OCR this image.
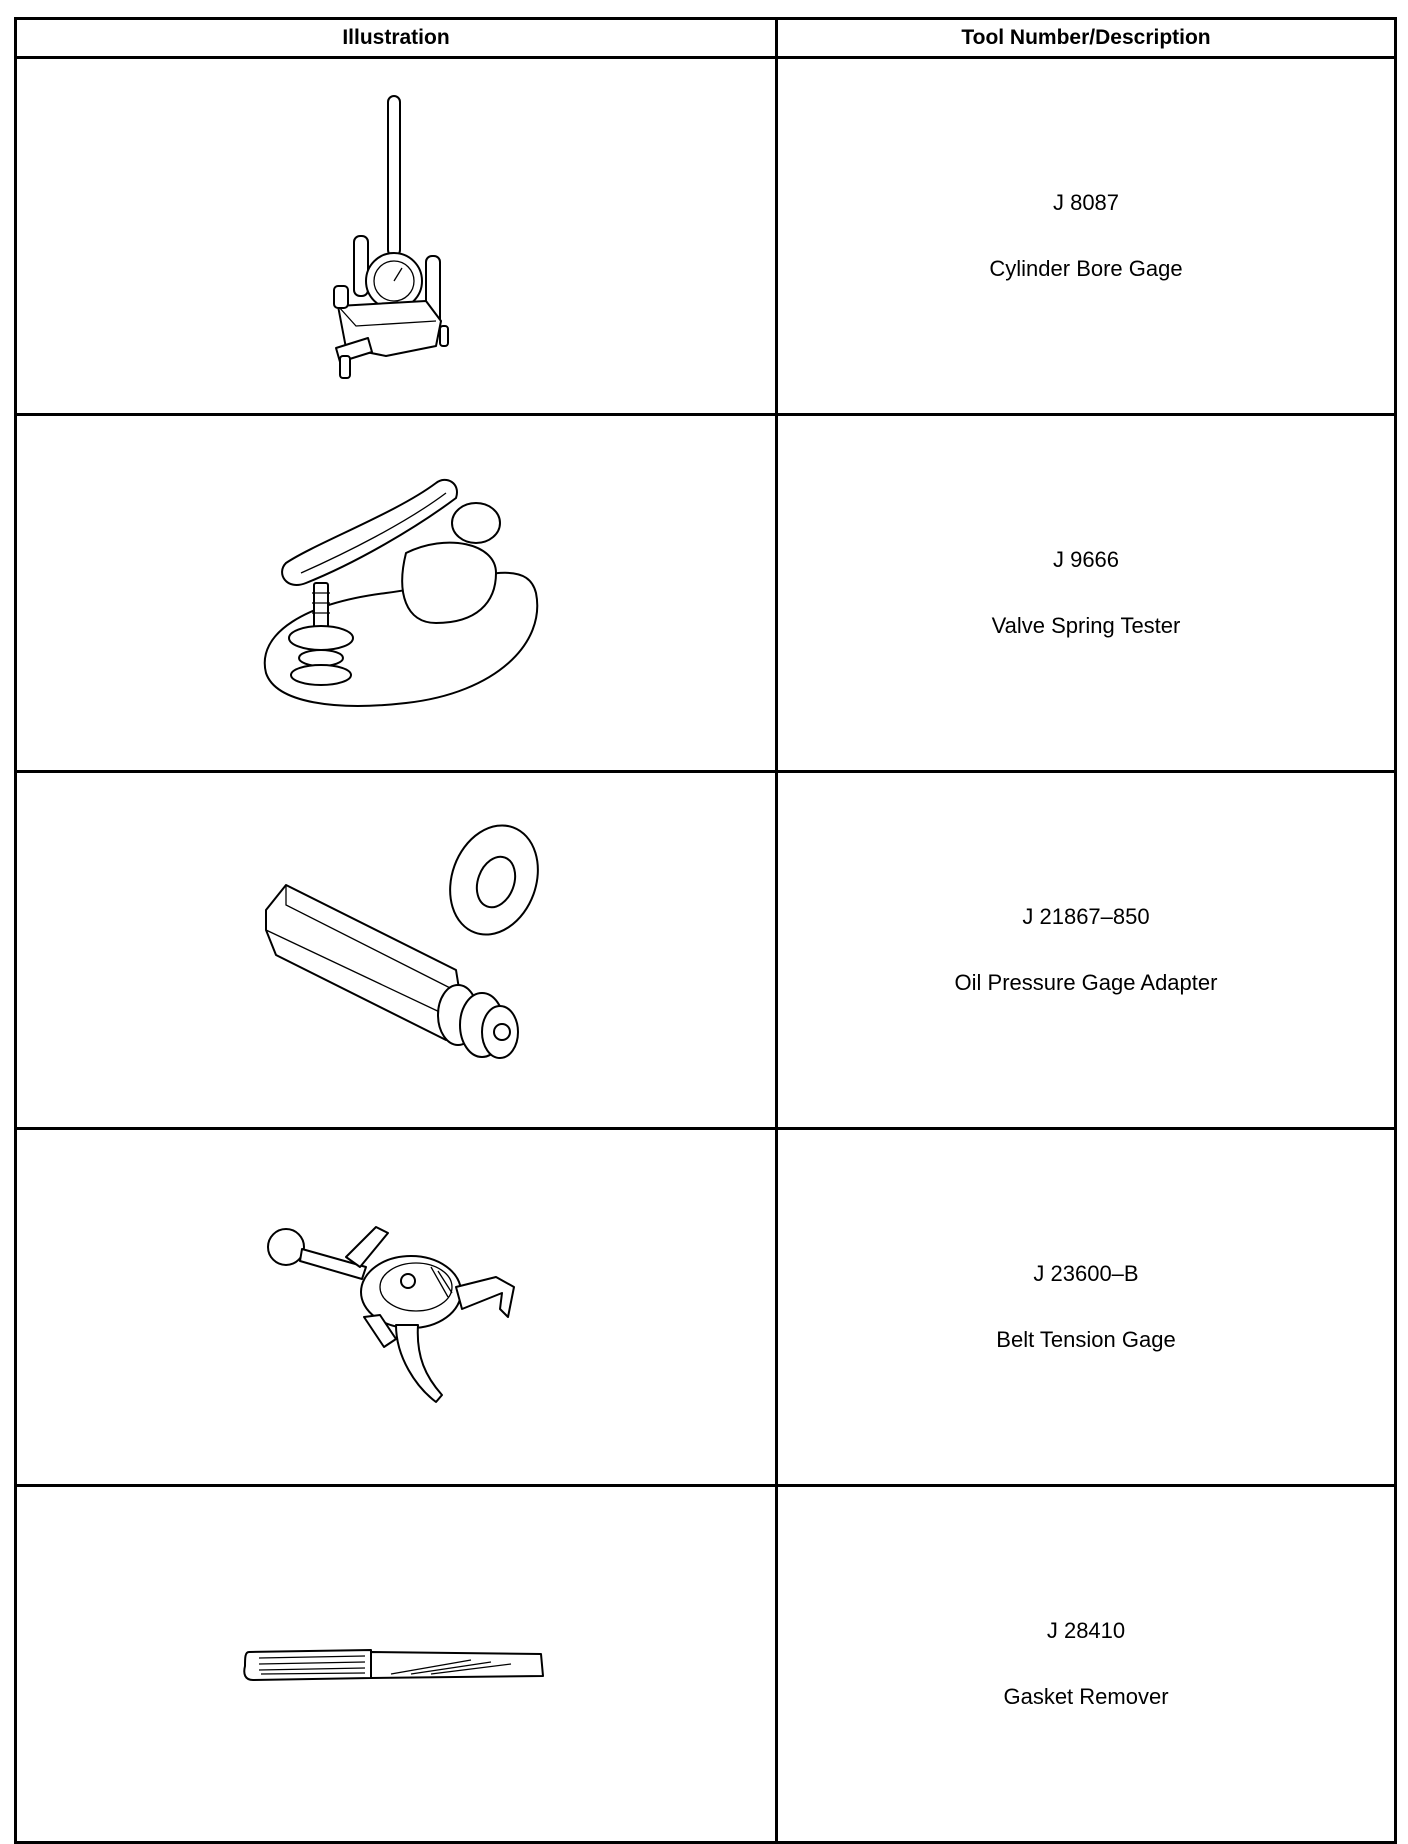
Illustration	Tool Number/Description

J 8087
Cylinder Bore Gage

J 9666
Valve Spring Tester

J 21867–850
Oil Pressure Gage Adapter

J 23600–B
Belt Tension Gage

J 28410
Gasket Remover
